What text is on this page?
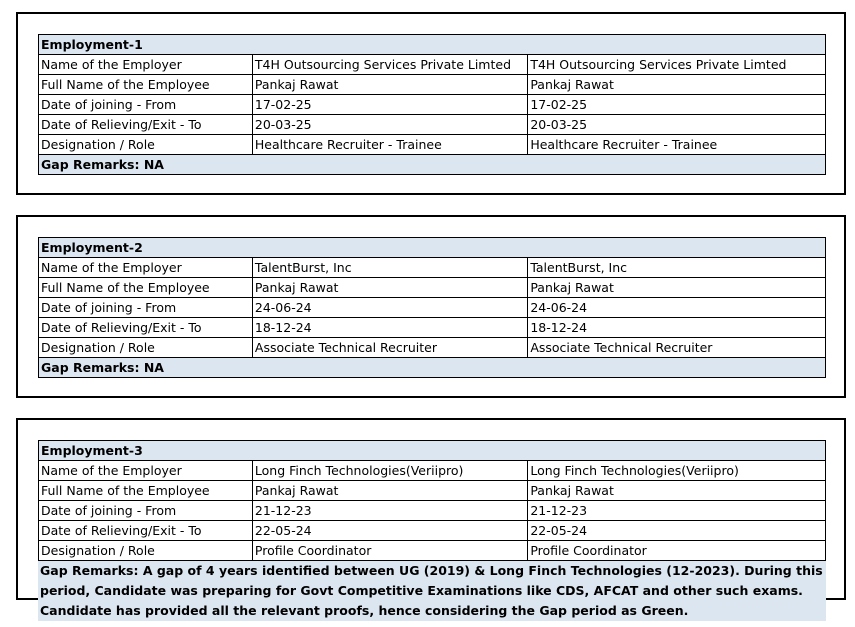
Employment-1		
Name of the Employer	T4H Outsourcing Services Private Limted	T4H Outsourcing Services Private Limted
Full Name of the Employee	Pankaj Rawat	Pankaj Rawat
Date of joining - From	17-02-25	17-02-25
Date of Relieving/Exit - To	20-03-25	20-03-25
Designation / Role	Healthcare Recruiter - Trainee	Healthcare Recruiter - Trainee
Gap Remarks: NA		
Employment-2		
Name of the Employer	TalentBurst, Inc	TalentBurst, Inc
Full Name of the Employee	Pankaj Rawat	Pankaj Rawat
Date of joining - From	24-06-24	24-06-24
Date of Relieving/Exit - To	18-12-24	18-12-24
Designation / Role	Associate Technical Recruiter	Associate Technical Recruiter
Gap Remarks: NA		
Employment-3		
Name of the Employer	Long Finch Technologies(Veriipro)	Long Finch Technologies(Veriipro)
Full Name of the Employee	Pankaj Rawat	Pankaj Rawat
Date of joining - From	21-12-23	21-12-23
Date of Relieving/Exit - To	22-05-24	22-05-24
Designation / Role	Profile Coordinator	Profile Coordinator
Gap Remarks: A gap of 4 years identified between UG (2019) & Long Finch Technologies (12-2023). During this period, Candidate was preparing for Govt Competitive Examinations like CDS, AFCAT and other such exams. Candidate has provided all the relevant proofs, hence considering the Gap period as Green.
